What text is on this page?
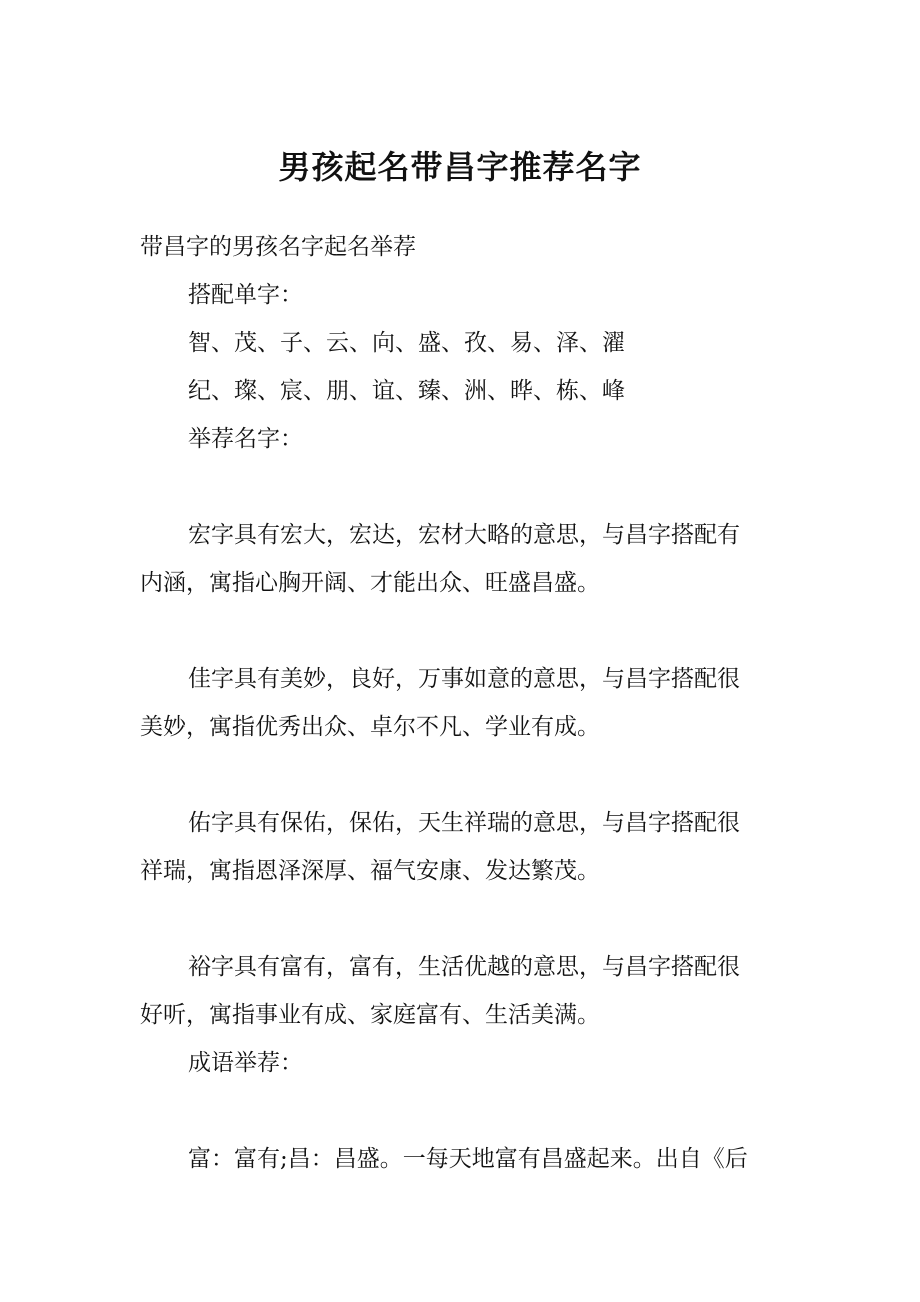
男孩起名带昌字推荐名字

带昌字的男孩名字起名举荐

搭配单字：

智、茂、子、云、向、盛、孜、易、泽、濯

纪、璨、宸、朋、谊、臻、洲、晔、栋、峰

举荐名字：

宏字具有宏大，宏达，宏材大略的意思，与昌字搭配有

内涵，寓指心胸开阔、才能出众、旺盛昌盛。

佳字具有美妙，良好，万事如意的意思，与昌字搭配很

美妙，寓指优秀出众、卓尔不凡、学业有成。

佑字具有保佑，保佑，天生祥瑞的意思，与昌字搭配很

祥瑞，寓指恩泽深厚、福气安康、发达繁茂。

裕字具有富有，富有，生活优越的意思，与昌字搭配很

好听，寓指事业有成、家庭富有、生活美满。

成语举荐：

富：富有;昌：昌盛。一每天地富有昌盛起来。出自《后
